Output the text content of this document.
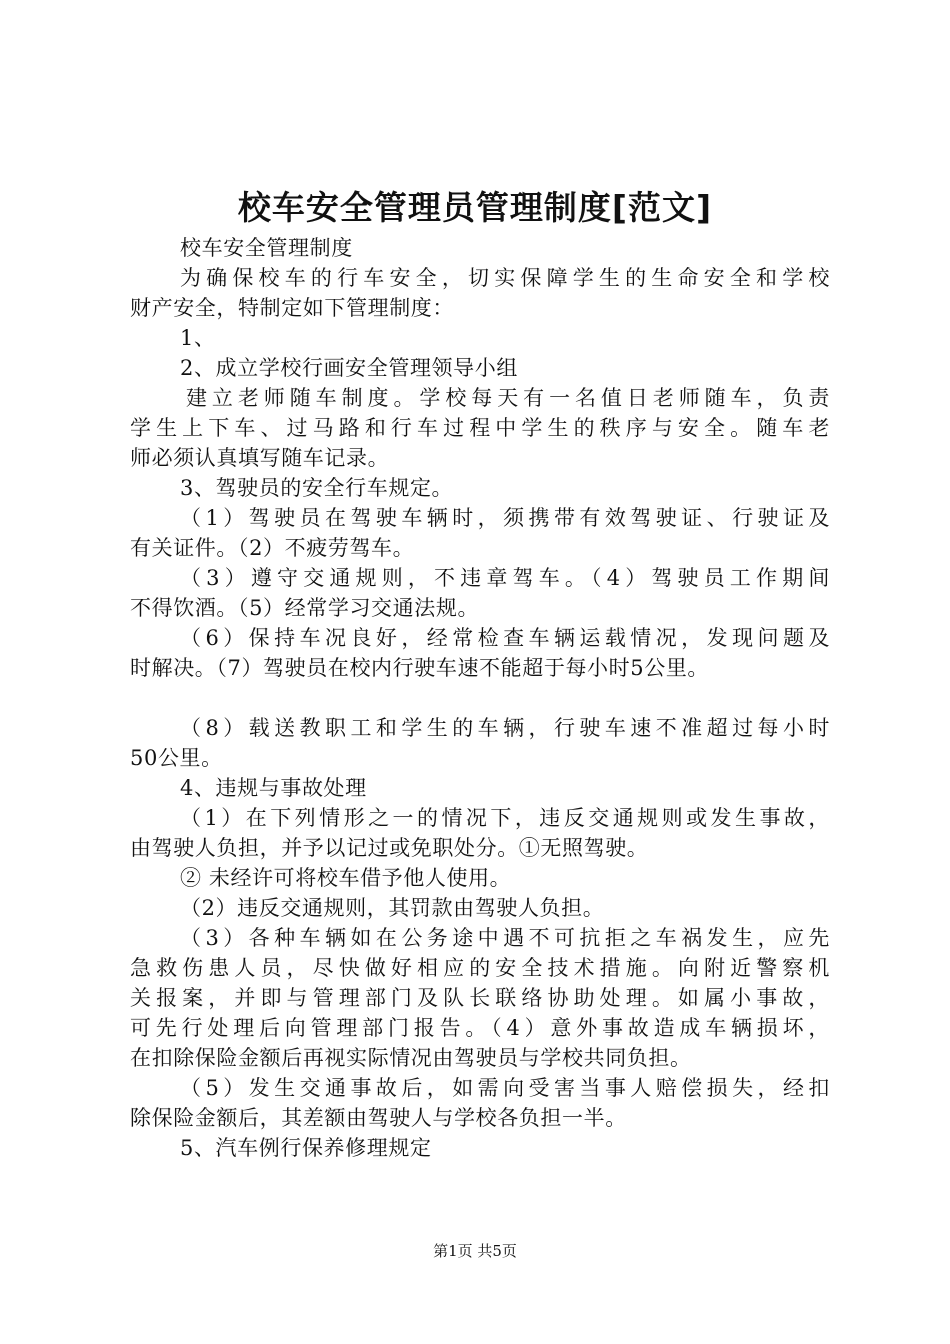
校车安全管理员管理制度[范文]
校车安全管理制度
为确保校车的行车安全，切实保障学生的生命安全和学校
财产安全，特制定如下管理制度：
1、
2、成立学校行画安全管理领导小组
建立老师随车制度。学校每天有一名值日老师随车，负责
学生上下车、过马路和行车过程中学生的秩序与安全。随车老
师必须认真填写随车记录。
3、驾驶员的安全行车规定。
（1）驾驶员在驾驶车辆时，须携带有效驾驶证、行驶证及
有关证件。（2）不疲劳驾车。
（3）遵守交通规则，不违章驾车。（4）驾驶员工作期间
不得饮酒。（5）经常学习交通法规。
（6）保持车况良好，经常检查车辆运载情况，发现问题及
时解决。（7）驾驶员在校内行驶车速不能超于每小时5公里。
（8）载送教职工和学生的车辆，行驶车速不准超过每小时
50公里。
4、违规与事故处理
（1）在下列情形之一的情况下，违反交通规则或发生事故，
由驾驶人负担，并予以记过或免职处分。①无照驾驶。
② 未经许可将校车借予他人使用。
（2）违反交通规则，其罚款由驾驶人负担。
（3）各种车辆如在公务途中遇不可抗拒之车祸发生，应先
急救伤患人员，尽快做好相应的安全技术措施。向附近警察机
关报案，并即与管理部门及队长联络协助处理。如属小事故，
可先行处理后向管理部门报告。（4）意外事故造成车辆损坏，
在扣除保险金额后再视实际情况由驾驶员与学校共同负担。
（5）发生交通事故后，如需向受害当事人赔偿损失，经扣
除保险金额后，其差额由驾驶人与学校各负担一半。
5、汽车例行保养修理规定
第1页 共5页
